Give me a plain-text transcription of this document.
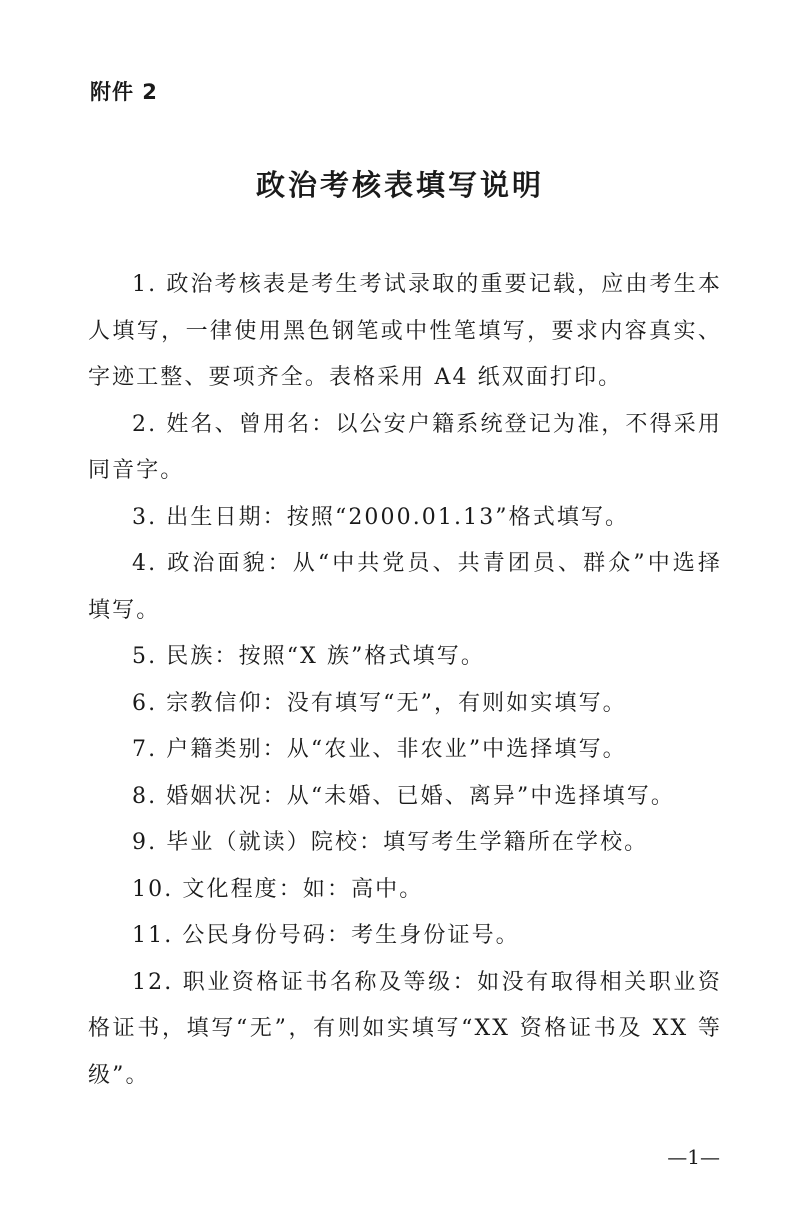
附件 2
政治考核表填写说明

1. 政治考核表是考生考试录取的重要记载，应由考生本人填写，一律使用黑色钢笔或中性笔填写，要求内容真实、字迹工整、要项齐全。表格采用 A4 纸双面打印。

2. 姓名、曾用名：以公安户籍系统登记为准，不得采用同音字。

3. 出生日期：按照“2000.01.13”格式填写。

4. 政治面貌：从“中共党员、共青团员、群众”中选择填写。

5. 民族：按照“X 族”格式填写。

6. 宗教信仰：没有填写“无”，有则如实填写。

7. 户籍类别：从“农业、非农业”中选择填写。

8. 婚姻状况：从“未婚、已婚、离异”中选择填写。

9. 毕业（就读）院校：填写考生学籍所在学校。

10. 文化程度：如：高中。

11. 公民身份号码：考生身份证号。

12. 职业资格证书名称及等级：如没有取得相关职业资格证书，填写“无”，有则如实填写“XX 资格证书及 XX 等级”。

—1—
